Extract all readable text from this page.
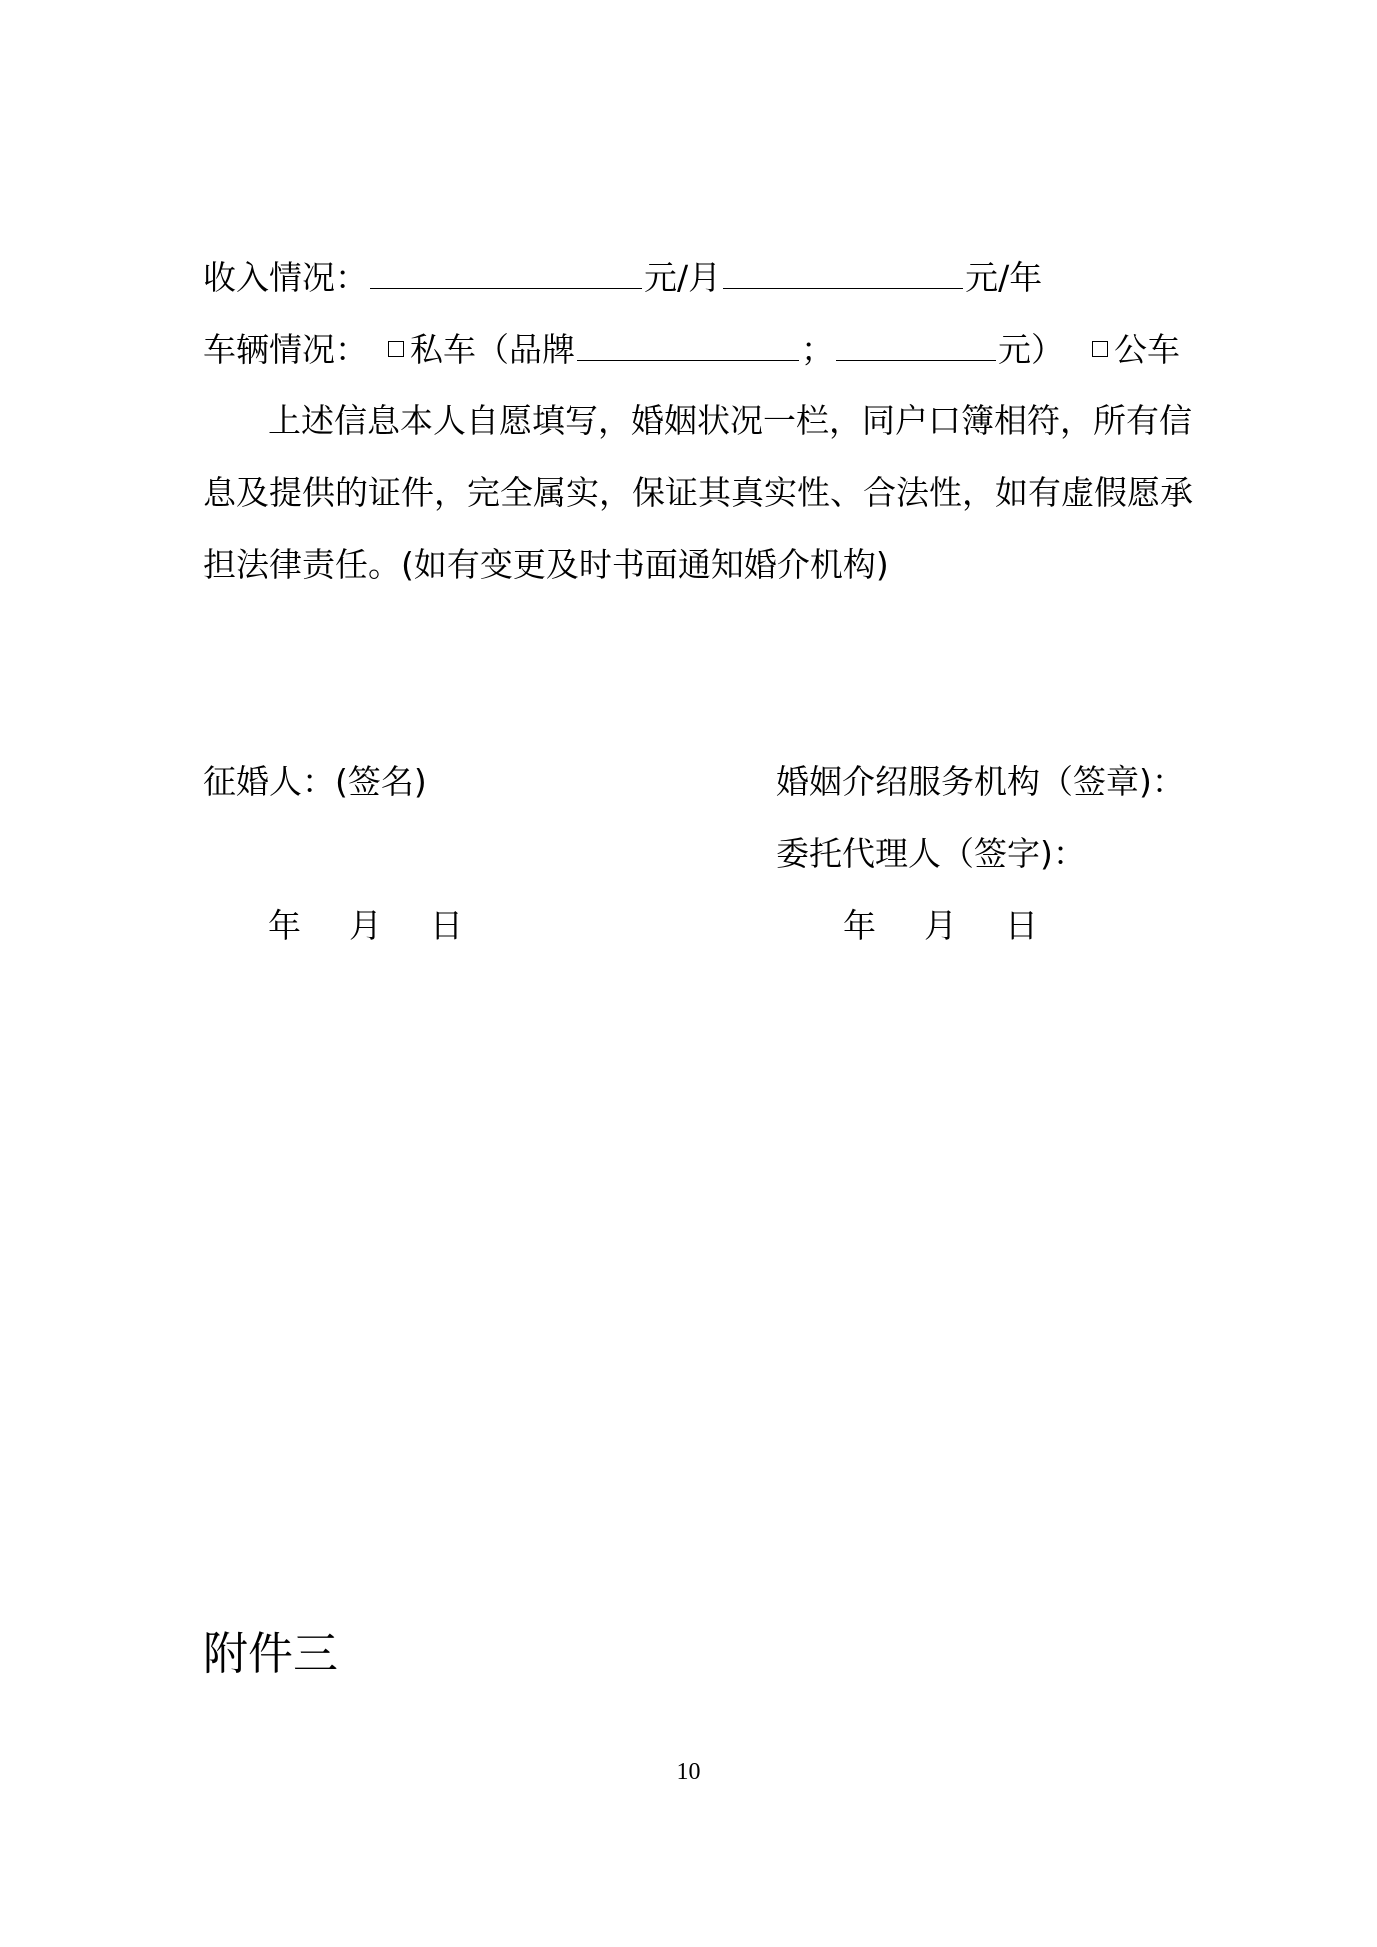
收入情况：	元/月	元/年
车辆情况： 私车（品牌	；	元） 公车
上述信息本人自愿填写，婚姻状况一栏，同户口簿相符，所有信
息及提供的证件，完全属实，保证其真实性、合法性，如有虚假愿承
担法律责任。(如有变更及时书面通知婚介机构)
征婚人：(签名)	婚姻介绍服务机构（签章)：
委托代理人（签字)：
年 月 日	年 月 日
附件三
10
